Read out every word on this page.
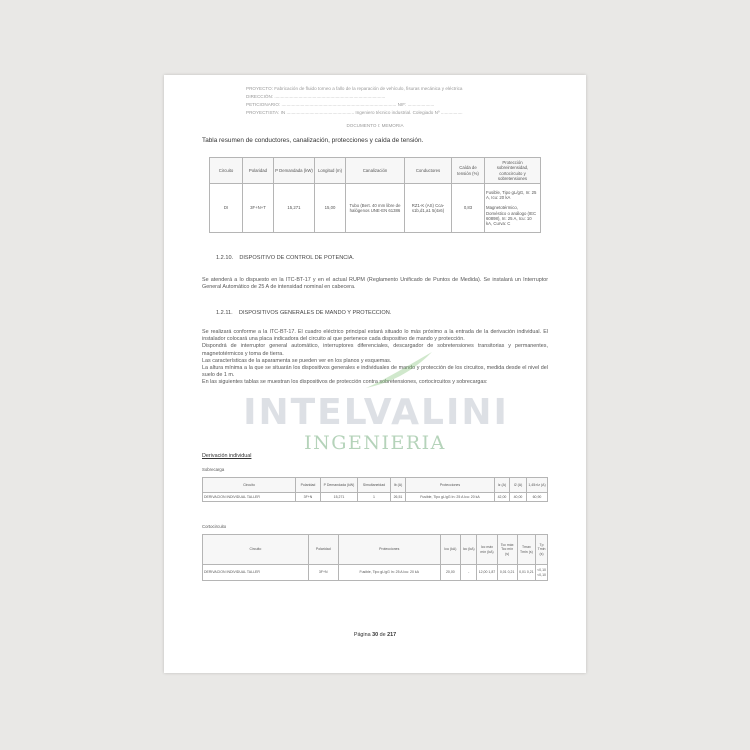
PROYECTO: Fabricación de fluido torneo a fallo de la reparación de vehículo, fisuras mecánica y eléctrica
DIRECCIÓN: .......................................................................................
PETICIONARIO: .......................................................................................... NIF: .....................
PROYECTISTA: IN ..................................................... Ingeniero técnico industrial. Colegiado Nº .................
DOCUMENTO I: MEMORIA
Tabla resumen de conductores, canalización, protecciones y caída de tensión.
Circuito	Polaridad	P Demandada (kW)	Longitud (m)	Canalización	Conductores	Caída de tensión (%)	Protección sobreintensidad, cortocircuito y sobretensiones
DI	3F+N+T	15,271	15,00	Tubo (Bert. 40 mm libre de halógenos UNE-EN 61386	RZ1-K (AS) Cca-s1b,d1,a1 5(4x6)	0,83	Fusible, Tipo gL/gG, In: 25 A, Icu: 20 kA

Magnetotérmico, Doméstico o análogo (IEC 60898), In: 25 A, Icu: 10 kA, Curva: C
1.2.10. DISPOSITIVO DE CONTROL DE POTENCIA.

Se atenderá a lo dispuesto en la ITC-BT-17 y en el actual RUPM (Reglamento Unificado de Puntos de Medida). Se instalará un Interruptor General Automático de 25 A de intensidad nominal en cabecera.

1.2.11. DISPOSITIVOS GENERALES DE MANDO Y PROTECCION.

Se realizará conforme a la ITC-BT-17. El cuadro eléctrico principal estará situado lo más próximo a la entrada de la derivación individual. El instalador colocará una placa indicadora del circuito al que pertenece cada dispositivo de mando y protección.
Dispondrá de interruptor general automático, interruptores diferenciales, descargador de sobretensiones transitorias y permanentes, magnetotérmicos y toma de tierra.
Las características de la aparamenta se pueden ver en los planos y esquemas.
La altura mínima a la que se situarán los dispositivos generales e individuales de y protección de los circuitos, medida desde el nivel del suelo de 1 m.
En las siguientes tablas se muestran los dispositivos de protección contra sobretensiones, cortocircuitos y sobrecargas:

INTELVALINI
INGENIERIA
Derivación individual
Sobrecarga
Circuito	Polaridad	P Demandada (kW)	Simultaneidad	Ib (A)	Protecciones	Iz (A)	I2 (A)	1,45×Iz (A)
DERIVACION INDIVIDUAL TALLER	3F+N	15,271	1	26,51	Fusible, Tipo gL/gG In: 25 A Icu: 20 kA	42,00	40,00	60,90
Cortocircuito
Circuito	Polaridad	Protecciones	Icu (kA)	Icc (kA)	Icc máx mín (kA)	Tcc máx Tcc mín (s)	Tmax Tmin (s)	Tp Tmin (s)
DERIVACION INDIVIDUAL TALLER	3F+N	Fusible, Tipo gL/gG In: 25 A Icu: 20 kA	20,00	-	12,00 1,87	0,01 0,21	0,01 0,21	<0,10 <0,10
Página 30 de 217
